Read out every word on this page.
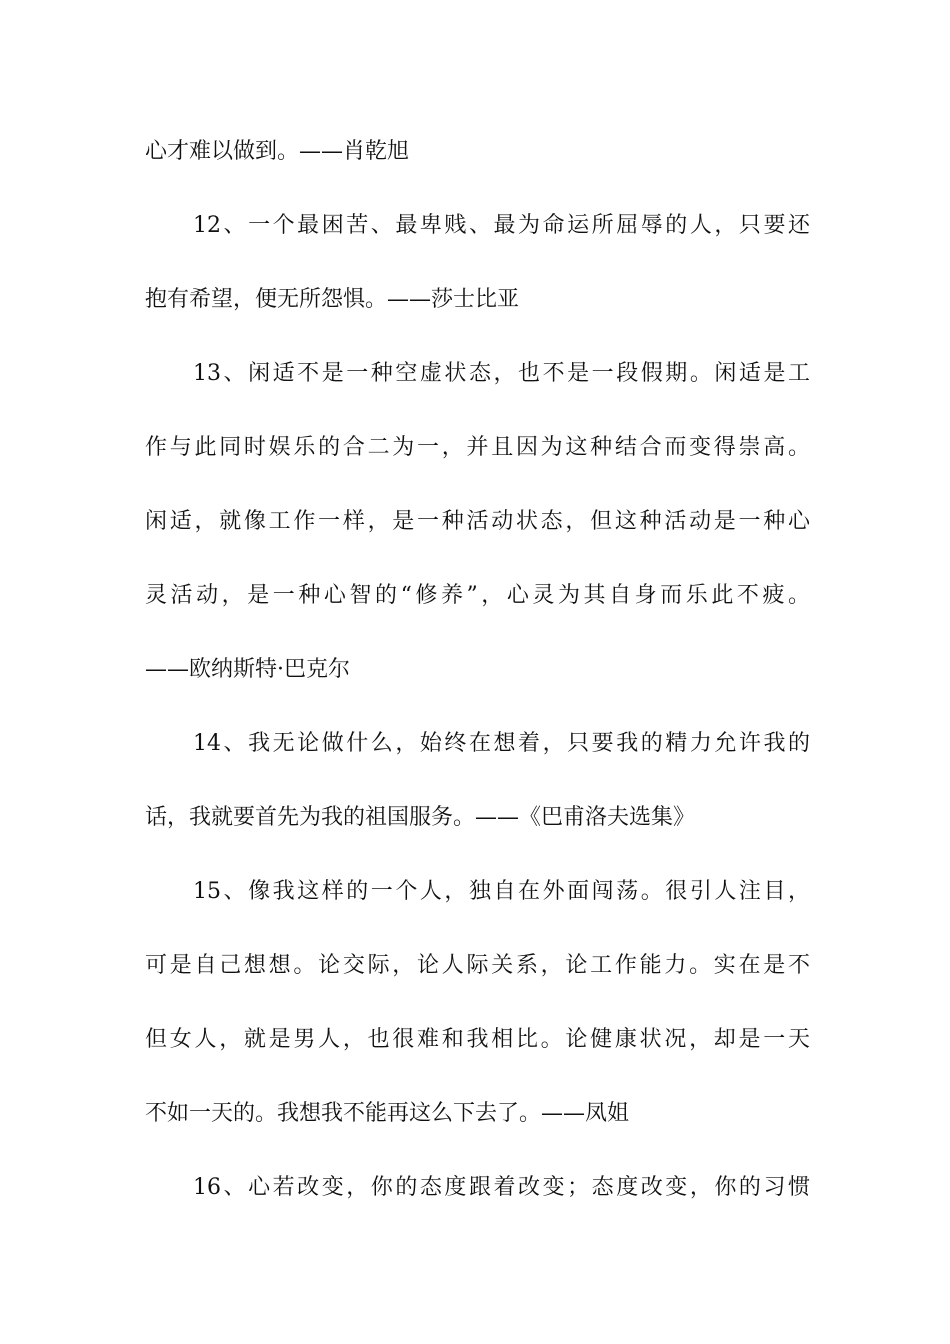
心才难以做到。——肖乾旭
12、一个最困苦、最卑贱、最为命运所屈辱的人，只要还
抱有希望，便无所怨惧。——莎士比亚
13、闲适不是一种空虚状态，也不是一段假期。闲适是工
作与此同时娱乐的合二为一，并且因为这种结合而变得崇高。
闲适，就像工作一样，是一种活动状态，但这种活动是一种心
灵活动，是一种心智的“修养”，心灵为其自身而乐此不疲。
——欧纳斯特·巴克尔
14、我无论做什么，始终在想着，只要我的精力允许我的
话，我就要首先为我的祖国服务。——《巴甫洛夫选集》
15、像我这样的一个人，独自在外面闯荡。很引人注目，
可是自己想想。论交际，论人际关系，论工作能力。实在是不
但女人，就是男人，也很难和我相比。论健康状况，却是一天
不如一天的。我想我不能再这么下去了。——凤姐
16、心若改变，你的态度跟着改变；态度改变，你的习惯
